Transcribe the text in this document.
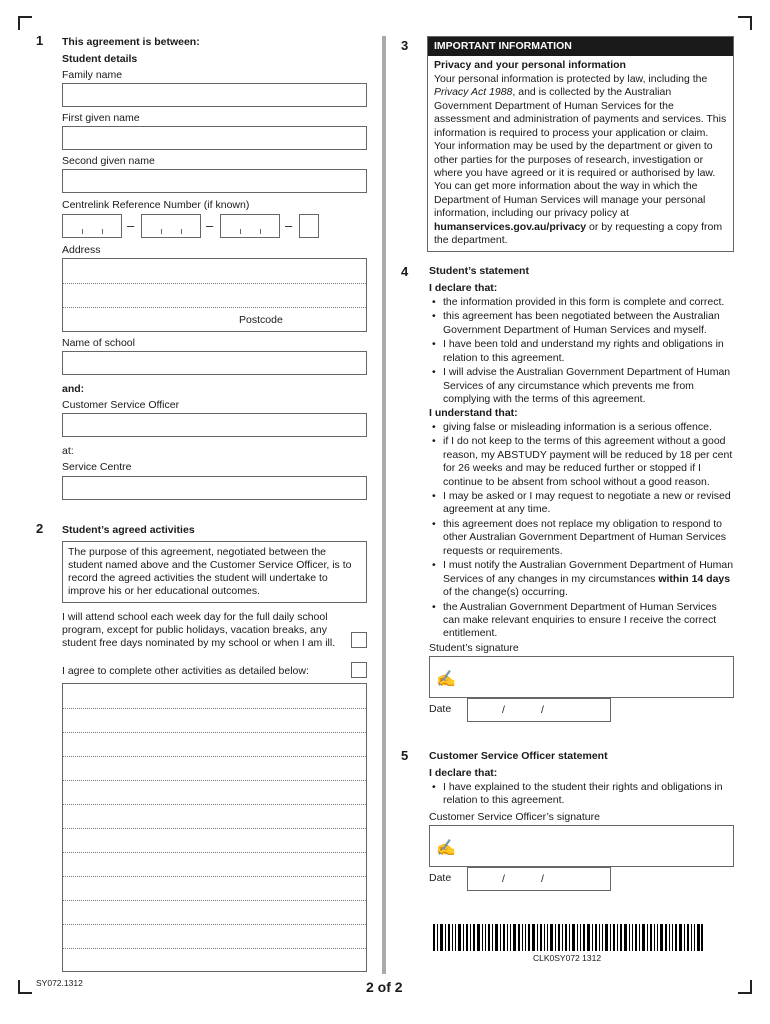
1 This agreement is between:
Student details
Family name
First given name
Second given name
Centrelink Reference Number (if known)
–	–	–
Address
Postcode
Name of school
and:
Customer Service Officer
at:
Service Centre
2 Student’s agreed activities
The purpose of this agreement, negotiated between the student named above and the Customer Service Officer, is to record the agreed activities the student will undertake to improve his or her educational outcomes.
I will attend school each week day for the full daily school program, except for public holidays, vacation breaks, any student free days nominated by my school or when I am ill.
I agree to complete other activities as detailed below:
3	IMPORTANT INFORMATION
Privacy and your personal information
Your personal information is protected by law, including the Privacy Act 1988, and is collected by the Australian Government Department of Human Services for the assessment and administration of payments and services. This information is required to process your application or claim. Your information may be used by the department or given to other parties for the purposes of research, investigation or where you have agreed or it is required or authorised by law. You can get more information about the way in which the Department of Human Services will manage your personal information, including our privacy policy at humanservices.gov.au/privacy or by requesting a copy from the department.
4 Student’s statement
I declare that:
• the information provided in this form is complete and correct.
• this agreement has been negotiated between the Australian Government Department of Human Services and myself.
• I have been told and understand my rights and obligations in relation to this agreement.
• I will advise the Australian Government Department of Human Services of any circumstance which prevents me from complying with the terms of this agreement.
I understand that:
• giving false or misleading information is a serious offence.
• if I do not keep to the terms of this agreement without a good reason, my ABSTUDY payment will be reduced by 18 per cent for 26 weeks and may be reduced further or stopped if I continue to be absent from school without a good reason.
• I may be asked or I may request to negotiate a new or revised agreement at any time.
• this agreement does not replace my obligation to respond to other Australian Government Department of Human Services requests or requirements.
• I must notify the Australian Government Department of Human Services of any changes in my circumstances within 14 days of the change(s) occurring.
• the Australian Government Department of Human Services can make relevant enquiries to ensure I receive the correct entitlement.
Student’s signature
✍
Date	/	/
5 Customer Service Officer statement
I declare that:
• I have explained to the student their rights and obligations in relation to this agreement.
Customer Service Officer’s signature
✍
Date	/	/
CLK0SY072 1312
SY072.1312	2 of 2
